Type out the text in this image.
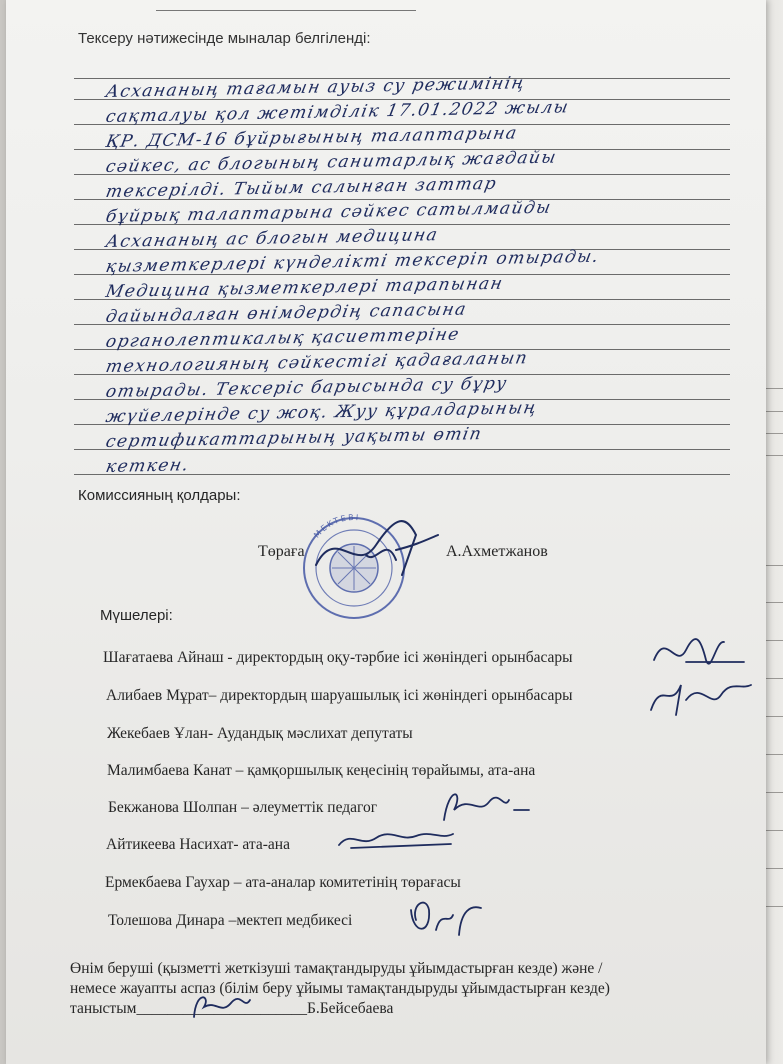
Тексеру нәтижесінде мыналар белгіленді:
Асхананың тағамын ауыз су режимінің
сақталуы қол жетімділік 17.01.2022 жылы
ҚР. ДСМ-16 бұйрығының талаптарына
сәйкес, ас блогының санитарлық жағдайы
тексерілді. Тыйым салынған заттар
бұйрық талаптарына сәйкес сатылмайды
Асхананың ас блогын медицина
қызметкерлері күнделікті тексеріп отырады.
Медицина қызметкерлері тарапынан
дайындалған өнімдердің сапасына
органолептикалық қасиеттеріне
технологияның сәйкестігі қадағаланып
отырады. Тексеріс барысында су бұру
жүйелерінде су жоқ. Жуу құралдарының
сертификаттарының уақыты өтіп
кеткен.
Комиссияның қолдары:
MEKTEBI
Төраға	А.Ахметжанов
Мүшелері:
Шағатаева Айнаш - директордың оқу-тәрбие ісі жөніндегі орынбасары
Алибаев Мұрат– директордың шаруашылық ісі жөніндегі орынбасары
Жекебаев Ұлан- Аудандық мәслихат депутаты
Малимбаева Канат – қамқоршылық кеңесінің төрайымы, ата-ана
Бекжанова Шолпан – әлеуметтік педагог
Айтикеева Насихат- ата-ана
Ермекбаева Гаухар – ата-аналар комитетінің төрағасы
Толешова Динара –мектеп медбикесі
Өнім беруші (қызметті жеткізуші тамақтандыруды ұйымдастырған кезде) және /
немесе жауапты аспаз (білім беру ұйымы тамақтандыруды ұйымдастырған кезде)
таныстым______________________Б.Бейсебаева
